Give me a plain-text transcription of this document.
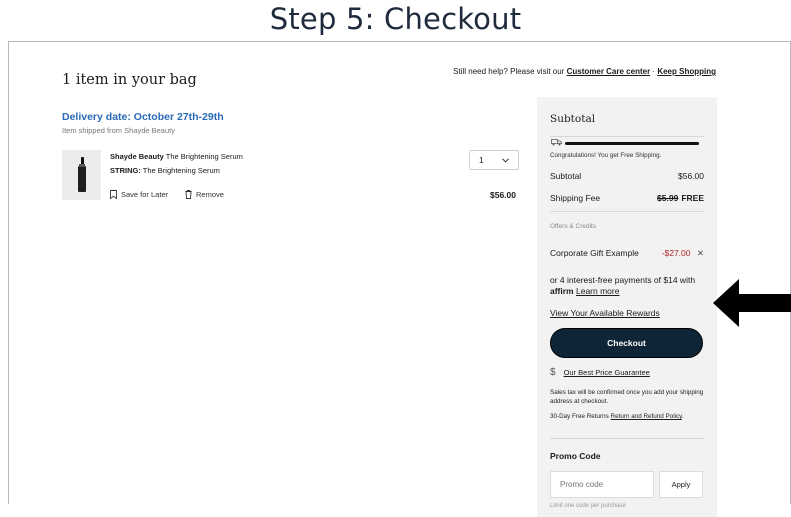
Step 5: Checkout
1 item in your bag
Still need help? Please visit our Customer Care center · Keep Shopping
Delivery date: October 27th-29th
Item shipped from Shayde Beauty
Shayde Beauty The Brightening Serum
STRING: The Brightening Serum
Save for Later	Remove
1
$56.00
Subtotal
Congratulations! You get Free Shipping.
Subtotal	$56.00
Shipping Fee	$5.99 FREE
Offers & Credits
Corporate Gift Example	-$27.00 ✕
or 4 interest-free payments of $14 with
affirm Learn more
View Your Available Rewards
Checkout
$ Our Best Price Guarantee
Sales tax will be confirmed once you add your shipping address at checkout.
30-Day Free Returns Return and Refund Policy.
Promo Code
Promo code	Apply
Limit one code per purchase
